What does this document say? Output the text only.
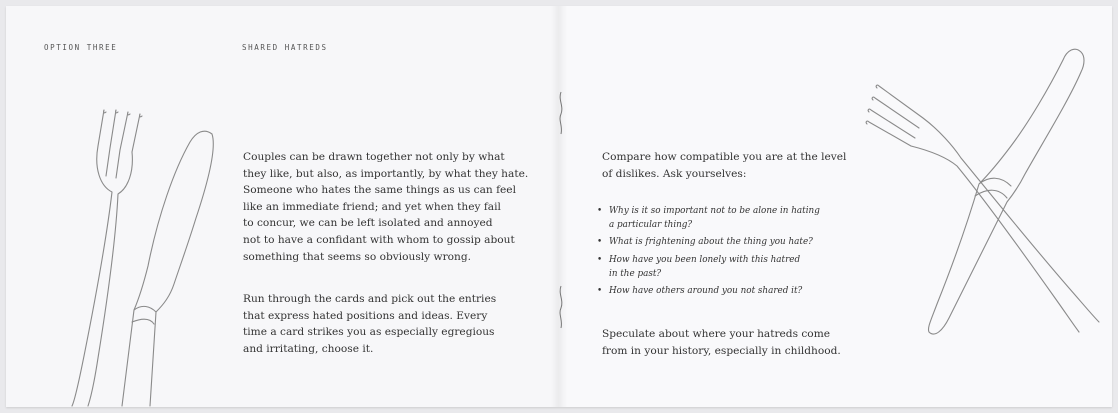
OPTION THREE	SHARED HATREDS

Couples can be drawn together not only by what
they like, but also, as importantly, by what they hate.
Someone who hates the same things as us can feel
like an immediate friend; and yet when they fail
to concur, we can be left isolated and annoyed
not to have a confidant with whom to gossip about
something that seems so obviously wrong.

Run through the cards and pick out the entries
that express hated positions and ideas. Every
time a card strikes you as especially egregious
and irritating, choose it.

Compare how compatible you are at the level
of dislikes. Ask yourselves:

• Why is it so important not to be alone in hating
a particular thing?
• What is frightening about the thing you hate?
• How have you been lonely with this hatred
in the past?
• How have others around you not shared it?

Speculate about where your hatreds come
from in your history, especially in childhood.
